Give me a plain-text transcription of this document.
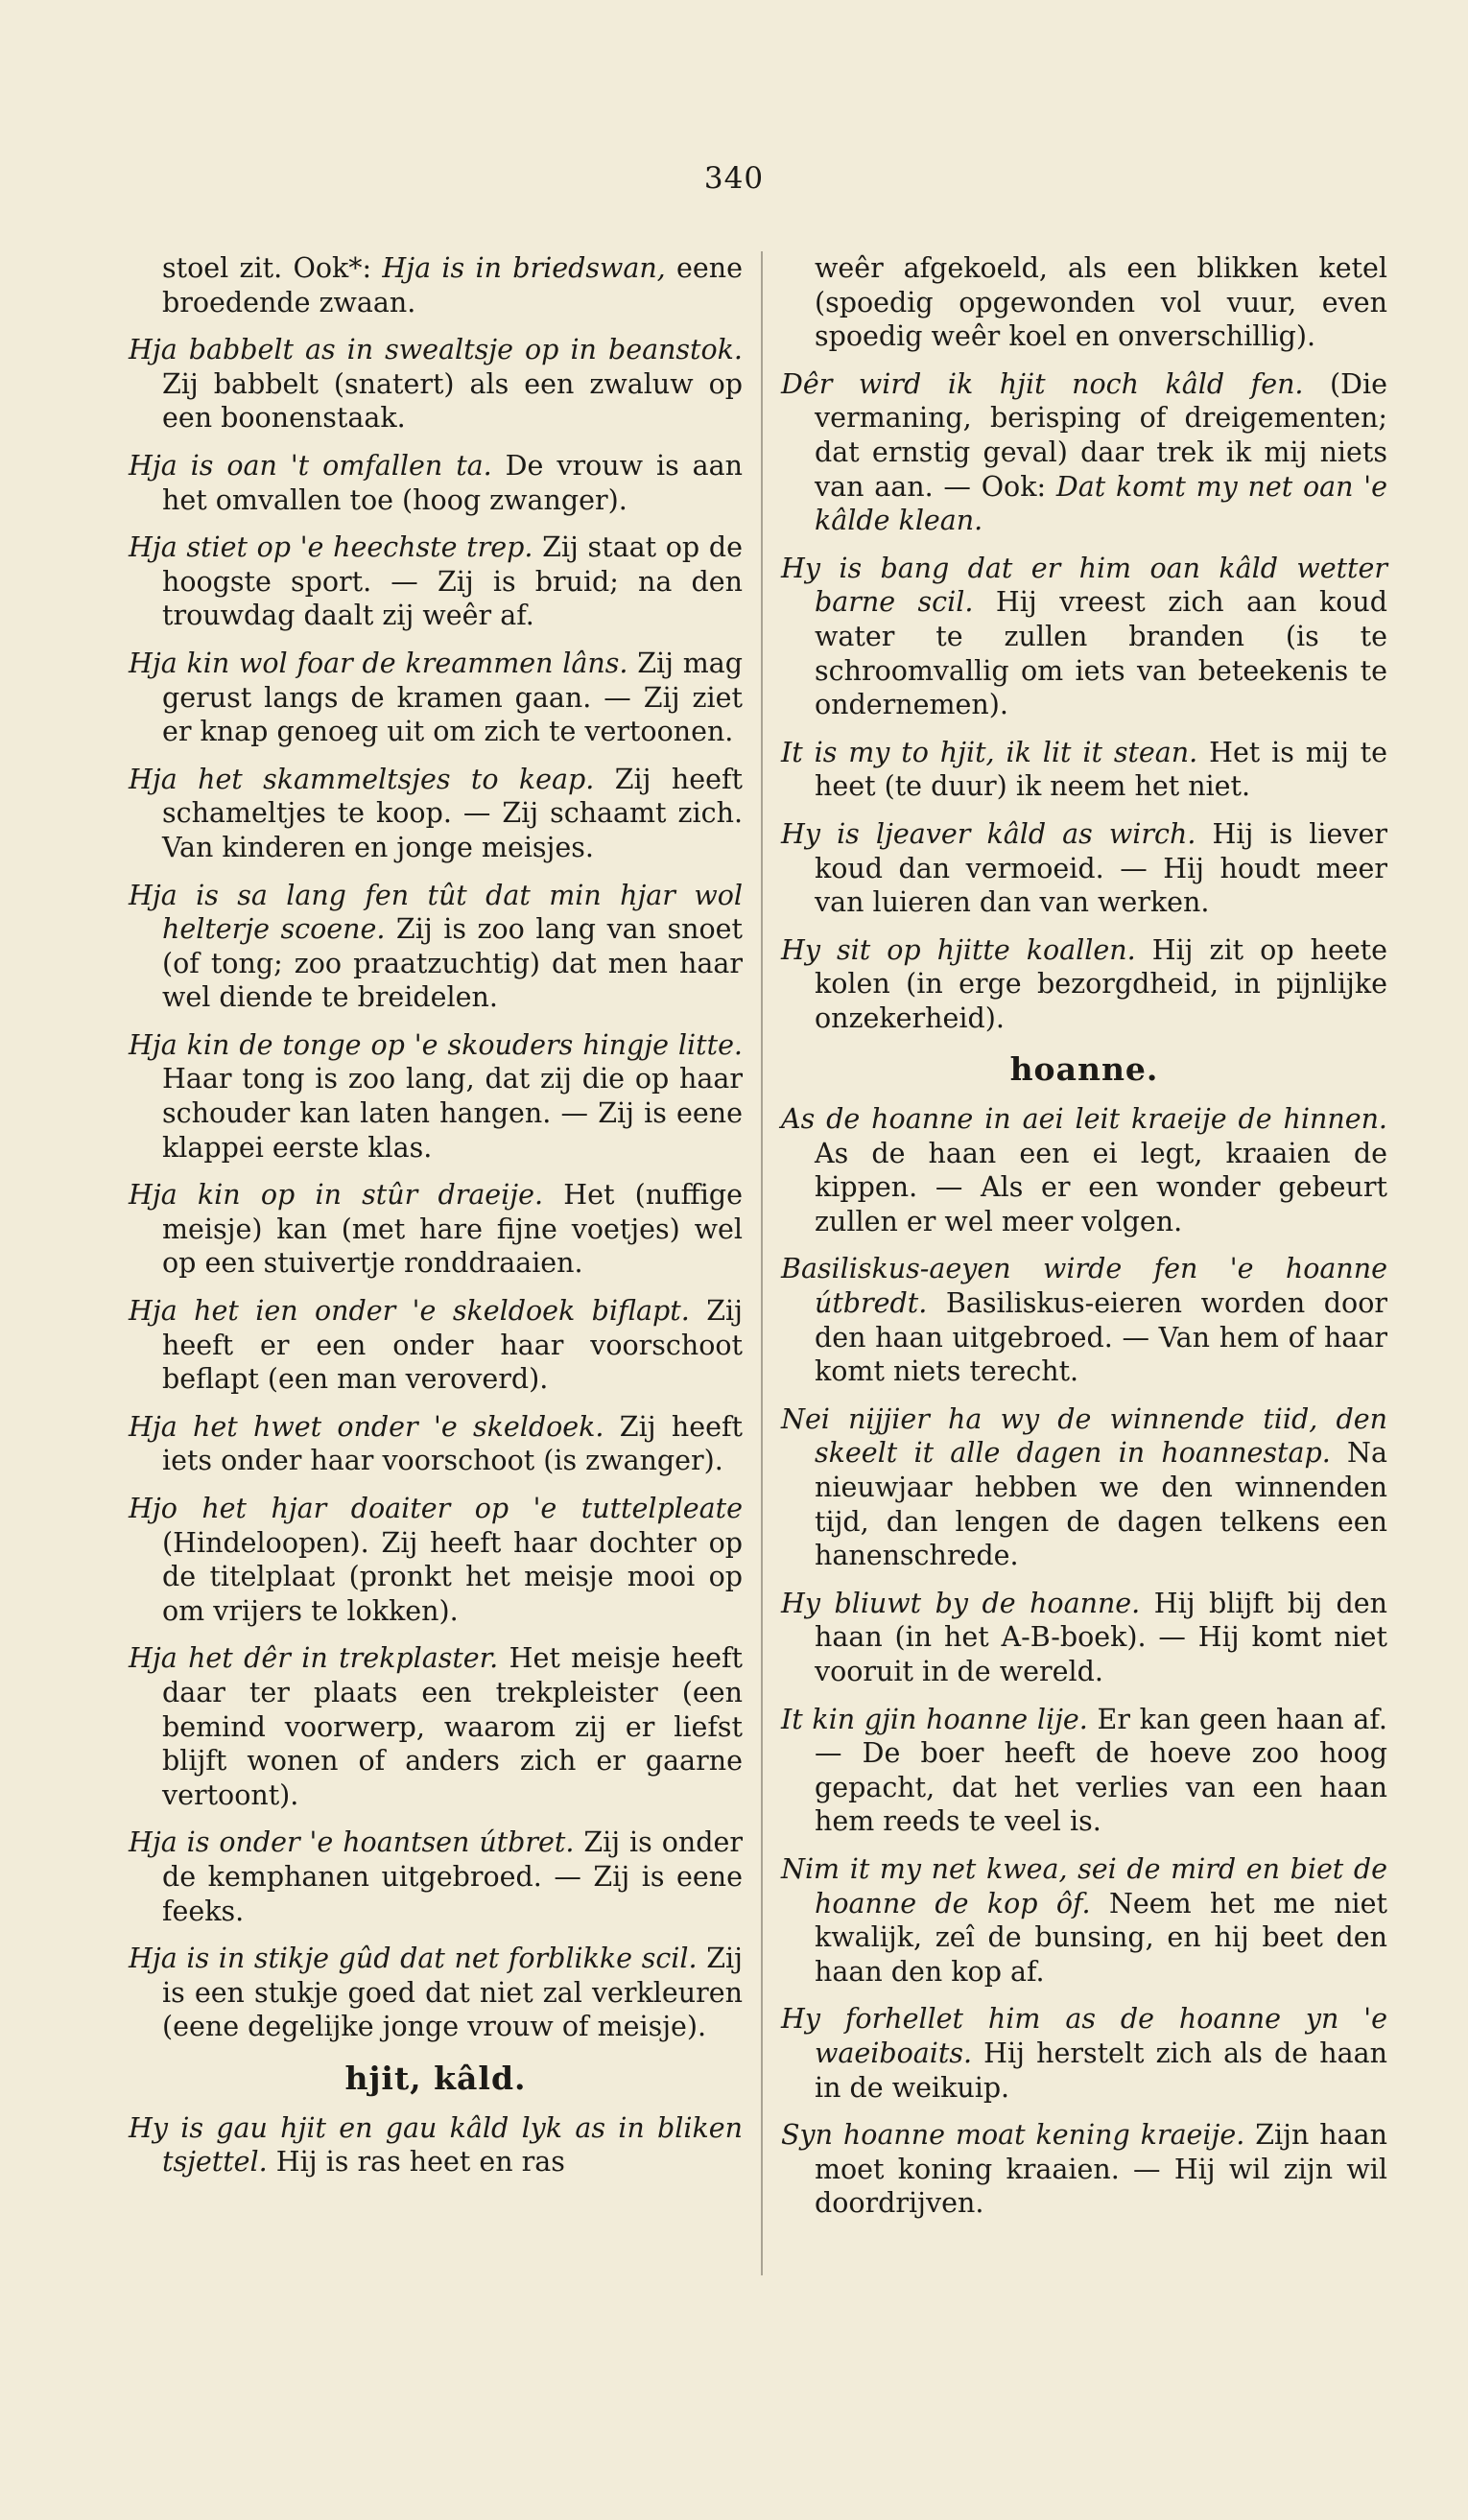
340

stoel zit. Ook*: Hja is in briedswan, eene broedende zwaan.

Hja babbelt as in swealtsje op in beanstok. Zij babbelt (snatert) als een zwaluw op een boonenstaak.

Hja is oan 't omfallen ta. De vrouw is aan het omvallen toe (hoog zwanger).

Hja stiet op 'e heechste trep. Zij staat op de hoogste sport. — Zij is bruid; na den trouwdag daalt zij weêr af.

Hja kin wol foar de kreammen lâns. Zij mag gerust langs de kramen gaan. — Zij ziet er knap genoeg uit om zich te vertoonen.

Hja het skammeltsjes to keap. Zij heeft schameltjes te koop. — Zij schaamt zich. Van kinderen en jonge meisjes.

Hja is sa lang fen tût dat min hjar wol helterje scoene. Zij is zoo lang van snoet (of tong; zoo praatzuchtig) dat men haar wel diende te breidelen.

Hja kin de tonge op 'e skouders hingje litte. Haar tong is zoo lang, dat zij die op haar schouder kan laten hangen. — Zij is eene klappei eerste klas.

Hja kin op in stûr draeije. Het (nuffige meisje) kan (met hare fijne voetjes) wel op een stuivertje ronddraaien.

Hja het ien onder 'e skeldoek biflapt. Zij heeft er een onder haar voorschoot beflapt (een man veroverd).

Hja het hwet onder 'e skeldoek. Zij heeft iets onder haar voorschoot (is zwanger).

Hjo het hjar doaiter op 'e tuttelpleate (Hindeloopen). Zij heeft haar dochter op de titelplaat (pronkt het meisje mooi op om vrijers te lokken).

Hja het dêr in trekplaster. Het meisje heeft daar ter plaats een trekpleister (een bemind voorwerp, waarom zij er liefst blijft wonen of anders zich er gaarne vertoont).

Hja is onder 'e hoantsen útbret. Zij is onder de kemphanen uitgebroed. — Zij is eene feeks.

Hja is in stikje gûd dat net forblikke scil. Zij is een stukje goed dat niet zal verkleuren (eene degelijke jonge vrouw of meisje).

hjit, kâld.

Hy is gau hjit en gau kâld lyk as in bliken tsjettel. Hij is ras heet en ras

weêr afgekoeld, als een blikken ketel (spoedig opgewonden vol vuur, even spoedig weêr koel en onverschillig).

Dêr wird ik hjit noch kâld fen. (Die vermaning, berisping of dreigementen; dat ernstig geval) daar trek ik mij niets van aan. — Ook: Dat komt my net oan 'e kâlde klean.

Hy is bang dat er him oan kâld wetter barne scil. Hij vreest zich aan koud water te zullen branden (is te schroomvallig om iets van beteekenis te ondernemen).

It is my to hjit, ik lit it stean. Het is mij te heet (te duur) ik neem het niet.

Hy is ljeaver kâld as wirch. Hij is liever koud dan vermoeid. — Hij houdt meer van luieren dan van werken.

Hy sit op hjitte koallen. Hij zit op heete kolen (in erge bezorgdheid, in pijnlijke onzekerheid).

hoanne.

As de hoanne in aei leit kraeije de hinnen. As de haan een ei legt, kraaien de kippen. — Als er een wonder gebeurt zullen er wel meer volgen.

Basiliskus-aeyen wirde fen 'e hoanne útbredt. Basiliskus-eieren worden door den haan uitgebroed. — Van hem of haar komt niets terecht.

Nei nijjier ha wy de winnende tiid, den skeelt it alle dagen in hoannestap. Na nieuwjaar hebben we den winnenden tijd, dan lengen de dagen telkens een hanenschrede.

Hy bliuwt by de hoanne. Hij blijft bij den haan (in het A-B-boek). — Hij komt niet vooruit in de wereld.

It kin gjin hoanne lije. Er kan geen haan af. — De boer heeft de hoeve zoo hoog gepacht, dat het verlies van een haan hem reeds te veel is.

Nim it my net kwea, sei de mird en biet de hoanne de kop ôf. Neem het me niet kwalijk, zeî de bunsing, en hij beet den haan den kop af.

Hy forhellet him as de hoanne yn 'e waeiboaits. Hij herstelt zich als de haan in de weikuip.

Syn hoanne moat kening kraeije. Zijn haan moet koning kraaien. — Hij wil zijn wil doordrijven.
